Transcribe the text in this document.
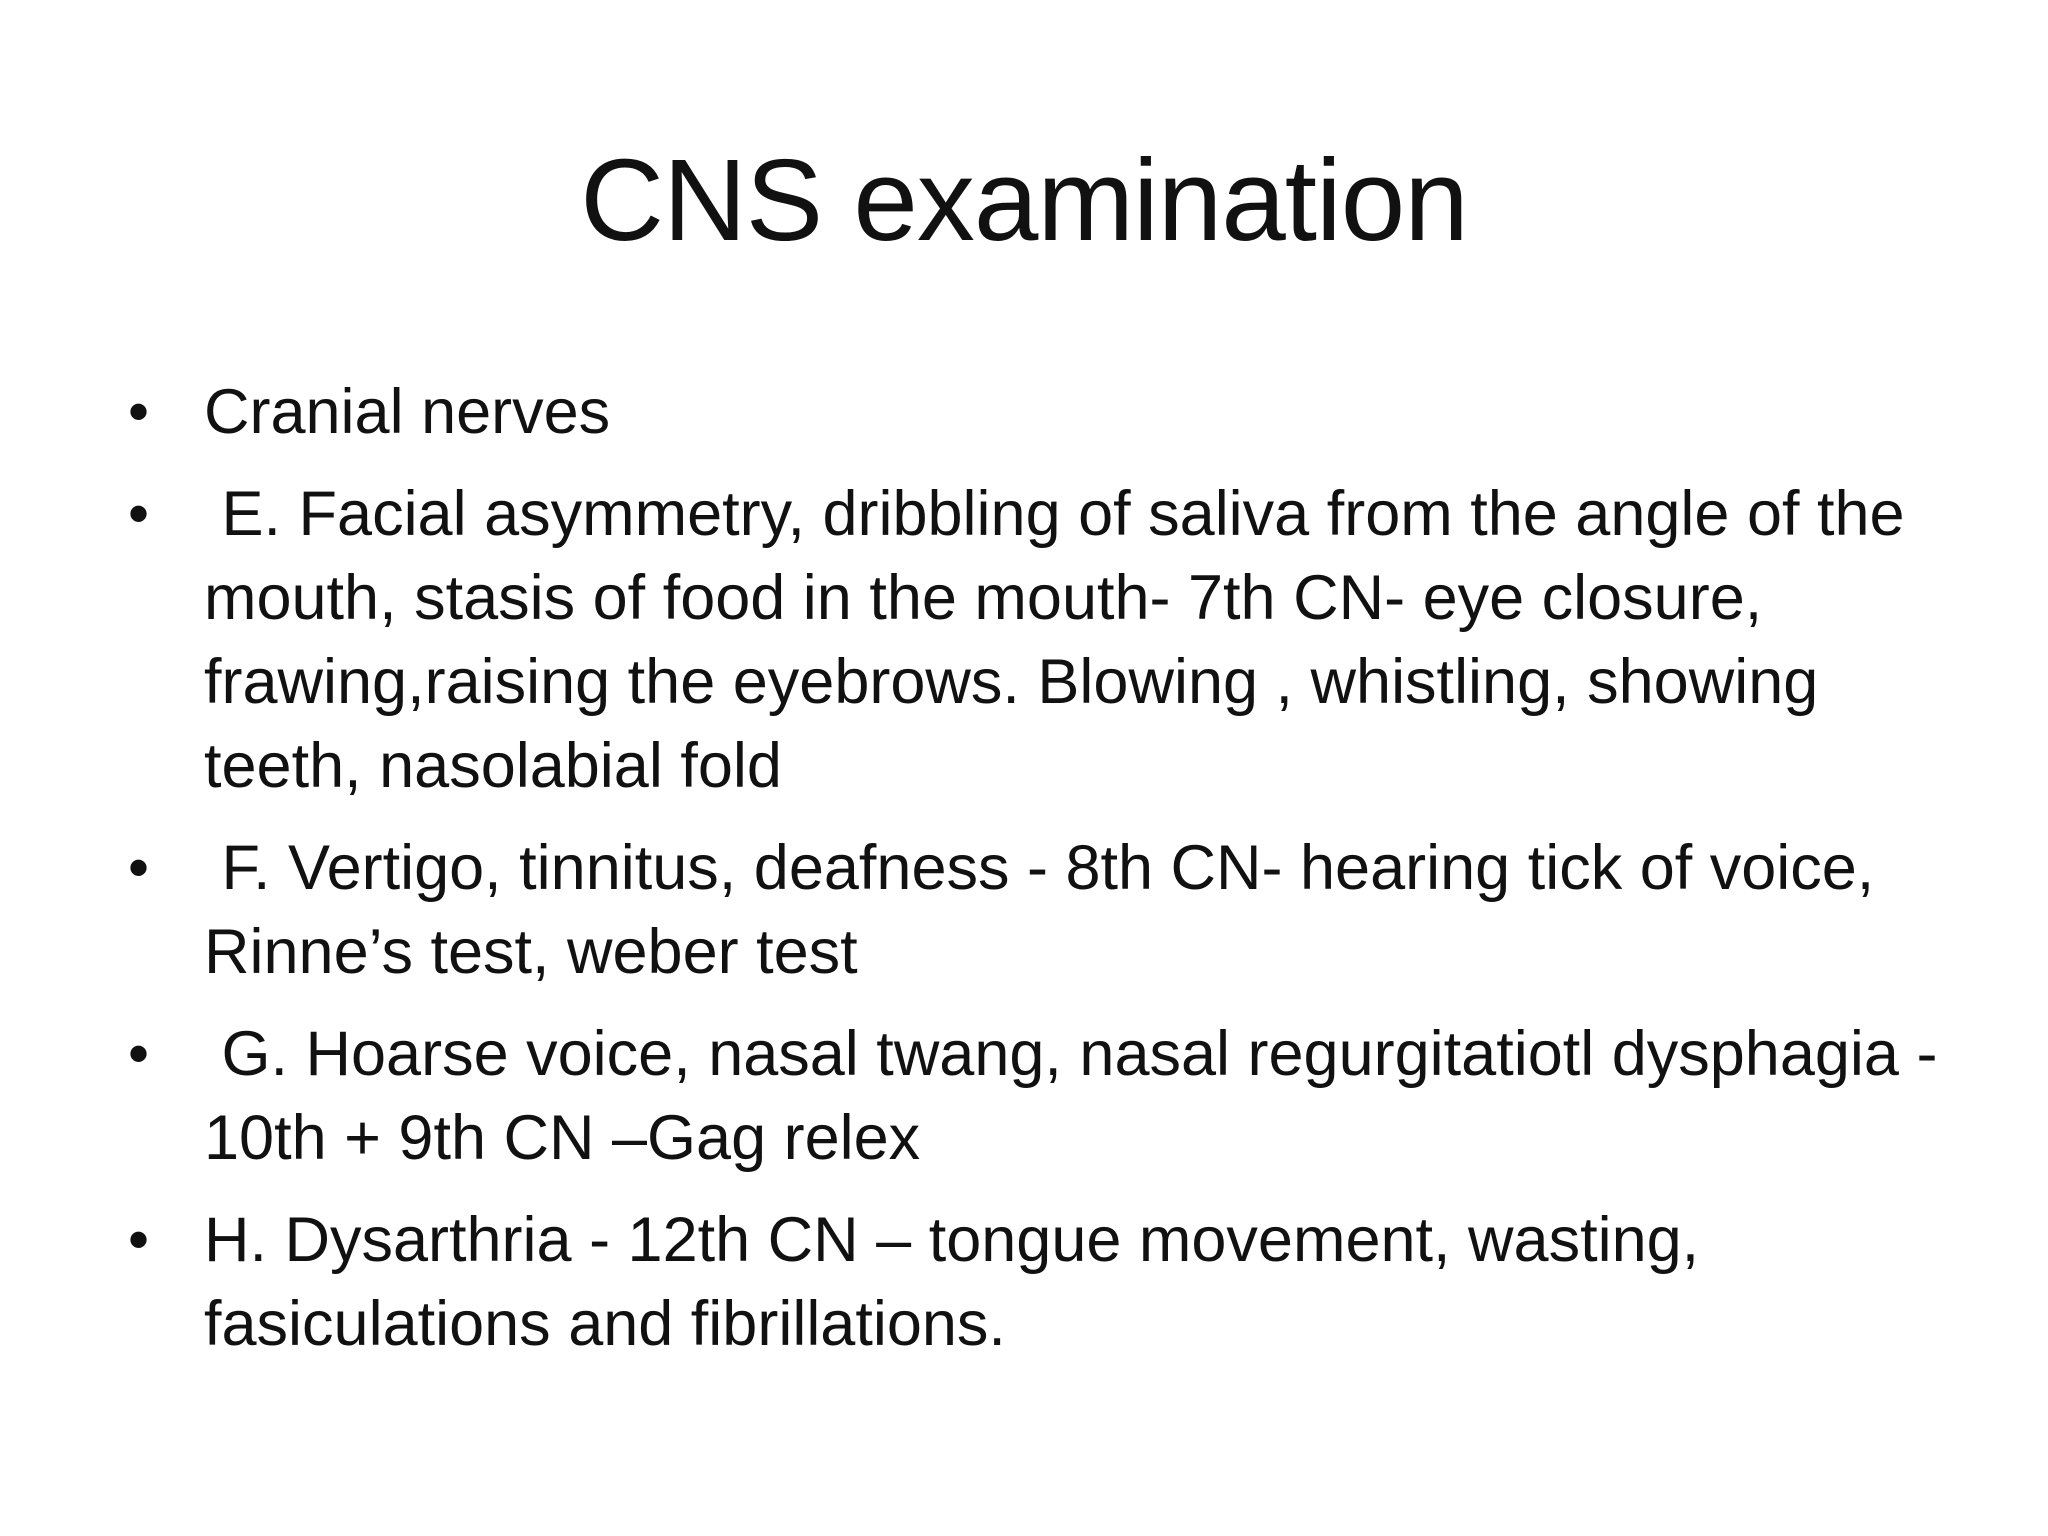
CNS examination
• Cranial nerves
• E. Facial asymmetry, dribbling of saliva from the angle of the mouth, stasis of food in the mouth- 7th CN- eye closure, frawing,raising the eyebrows. Blowing , whistling, showing teeth, nasolabial fold
• F. Vertigo, tinnitus, deafness - 8th CN- hearing tick of voice, Rinne’s test, weber test
• G. Hoarse voice, nasal twang, nasal regurgitatiotl dysphagia - 10th + 9th CN –Gag relex
• H. Dysarthria - 12th CN – tongue movement, wasting, fasiculations and fibrillations.
